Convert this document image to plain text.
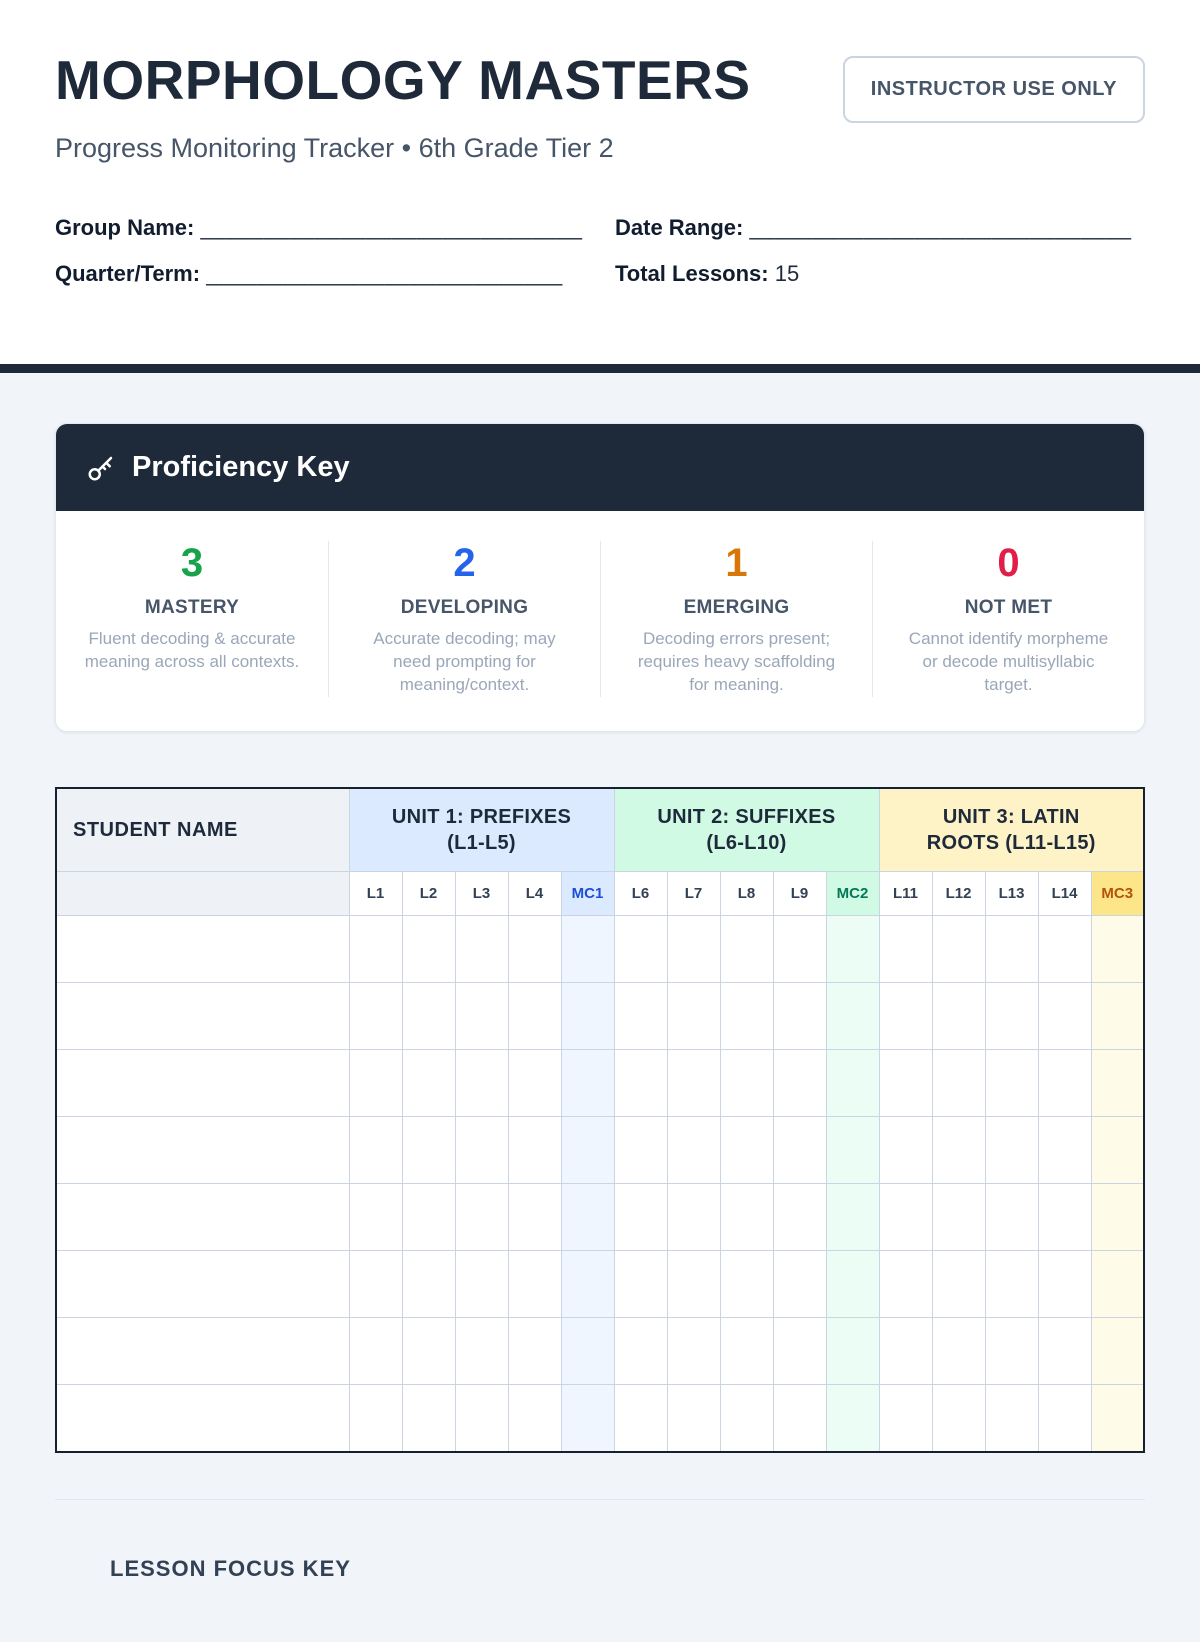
MORPHOLOGY MASTERS	INSTRUCTOR USE ONLY
Progress Monitoring Tracker • 6th Grade Tier 2
Group Name: ______________________________	Date Range: ______________________________
Quarter/Term: ____________________________	Total Lessons: 15
Proficiency Key
3
MASTERY
Fluent decoding & accurate meaning across all contexts.
2
DEVELOPING
Accurate decoding; may need prompting for meaning/context.
1
EMERGING
Decoding errors present; requires heavy scaffolding for meaning.
0
NOT MET
Cannot identify morpheme or decode multisyllabic target.
STUDENT NAME	UNIT 1: PREFIXES (L1-L5)					UNIT 2: SUFFIXES (L6-L10)					UNIT 3: LATIN ROOTS (L11-L15)				
	L1	L2	L3	L4	MC1	L6	L7	L8	L9	MC2	L11	L12	L13	L14	MC3

LESSON FOCUS KEY
